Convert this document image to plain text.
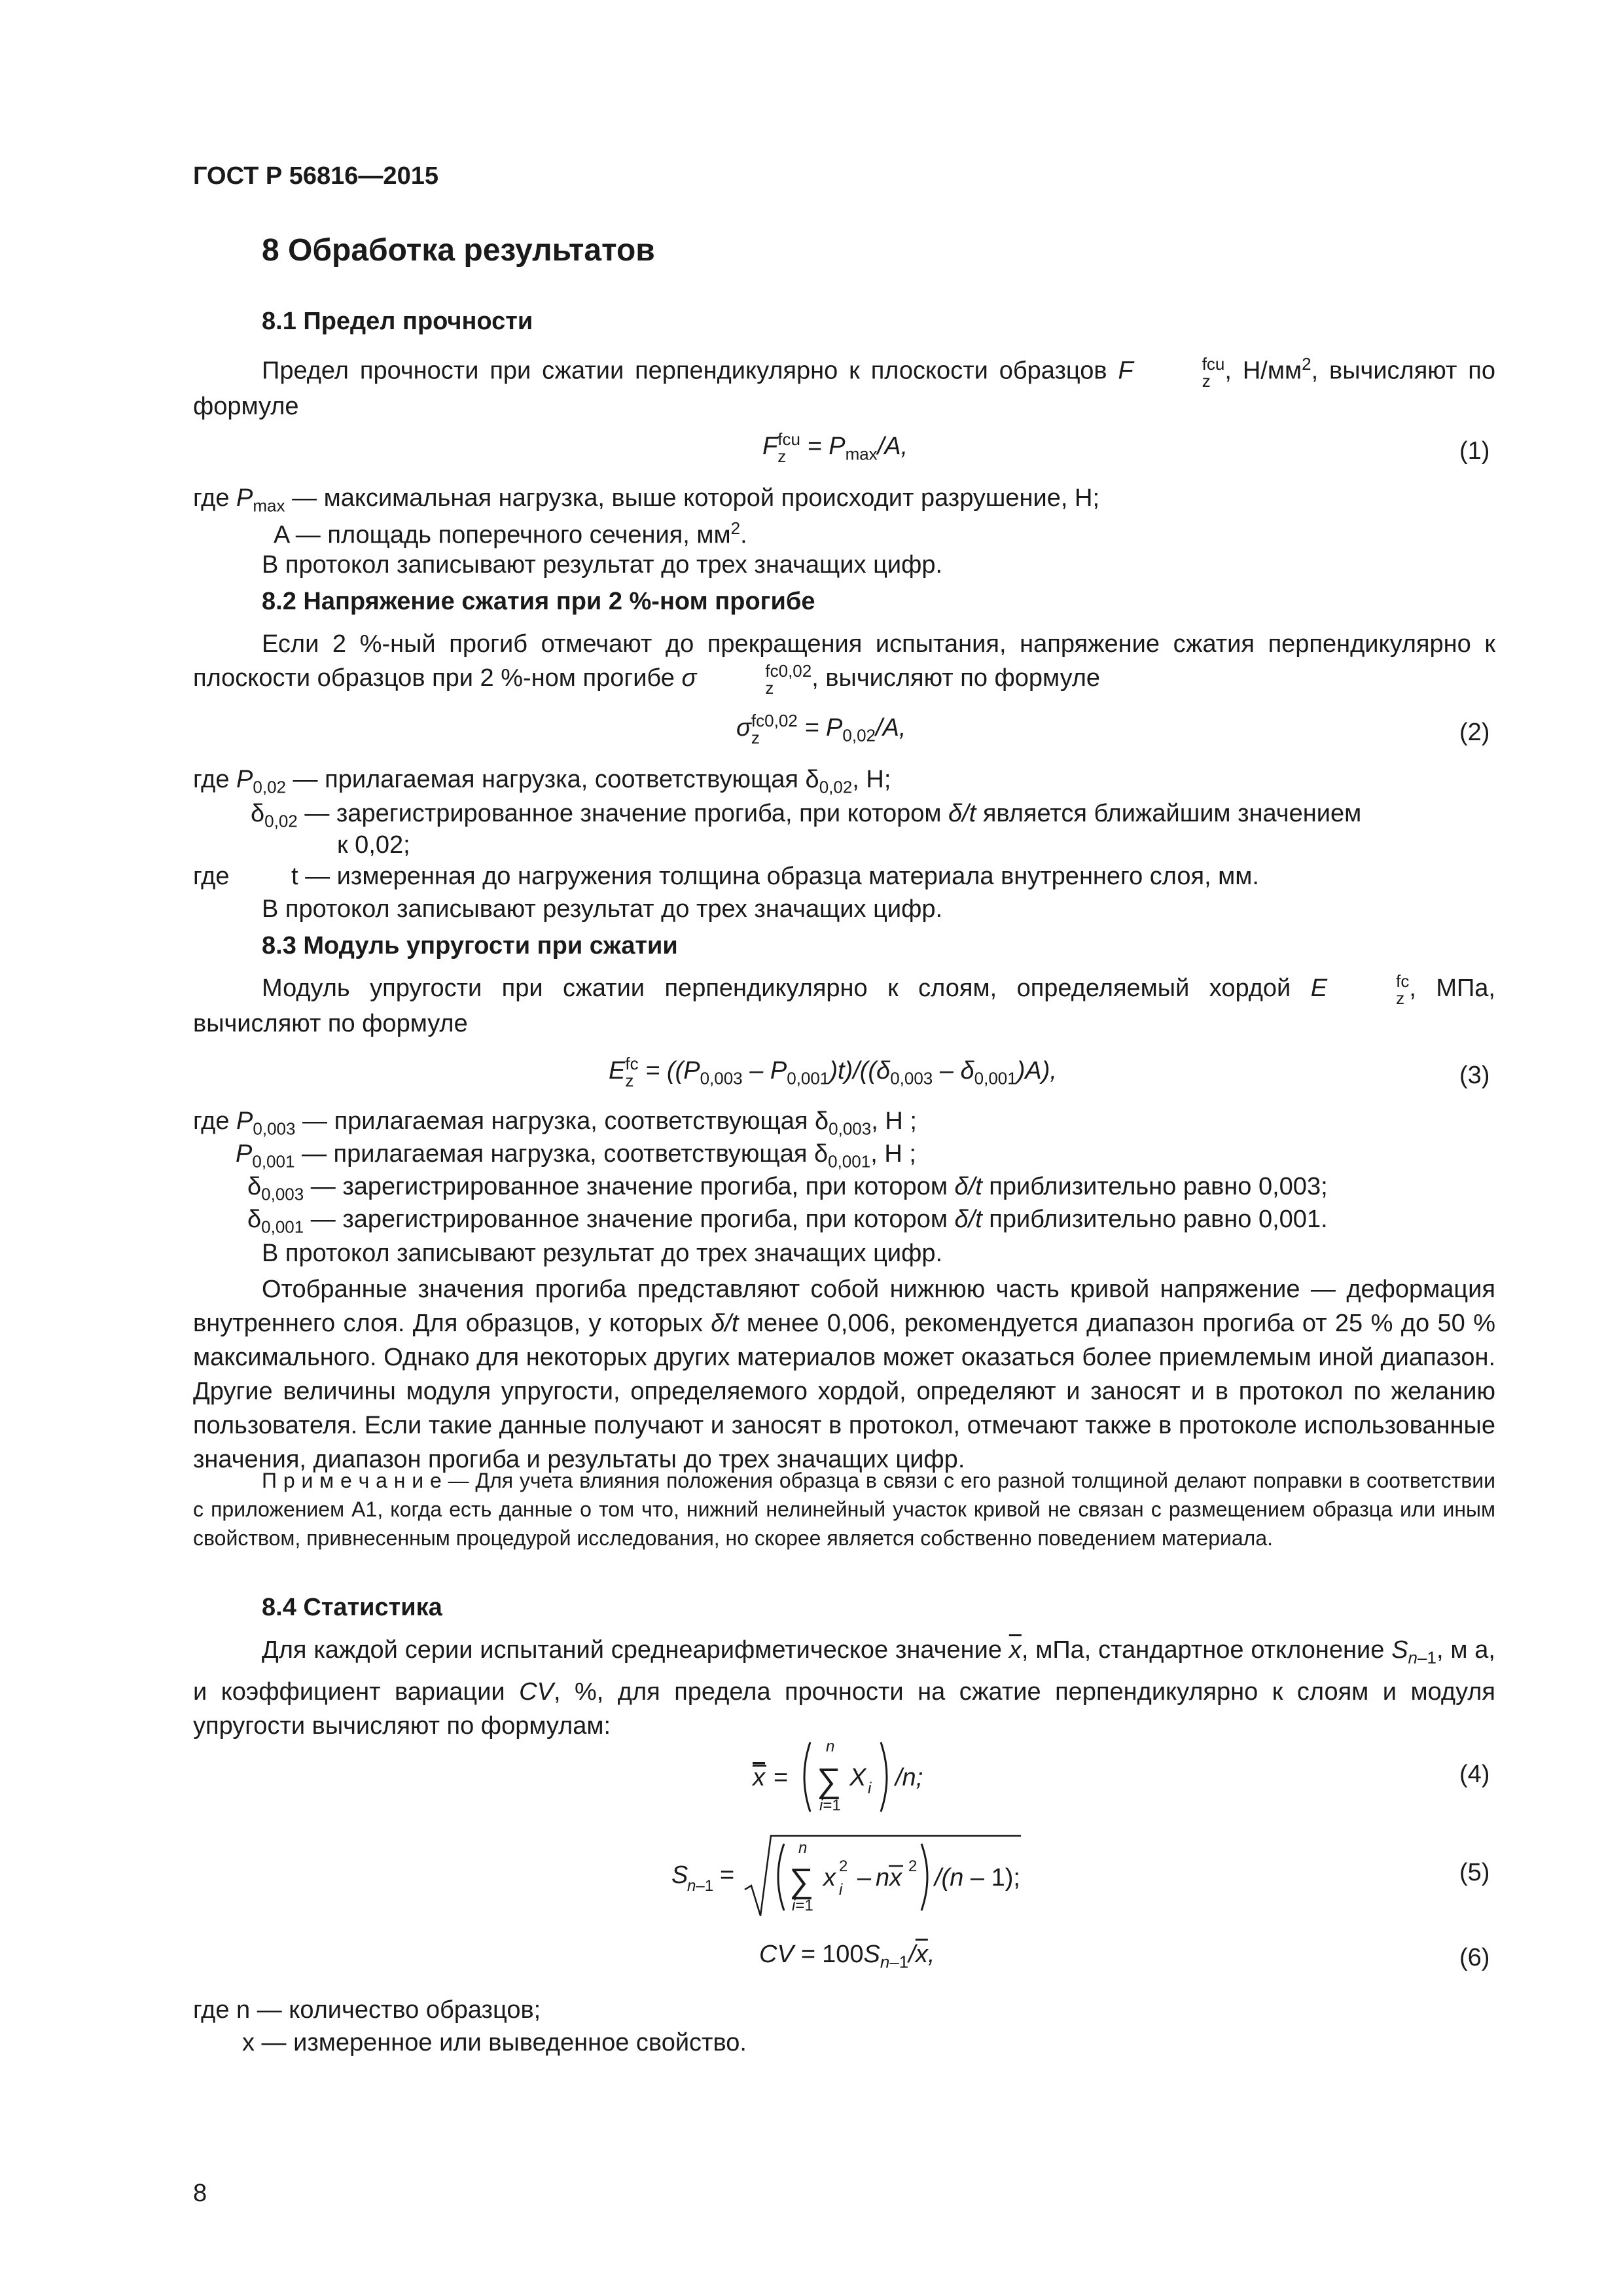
ГОСТ Р 56816—2015
8 Обработка результатов
8.1 Предел прочности
Предел прочности при сжатии перпендикулярно к плоскости образцов F	fcu
z , $Н/мм^2$, вычисляют по формуле
F fcu
$z = P_{max}/A$,	(1)
где $P_{max}$ — максимальная нагрузка, выше которой происходит разрушение, Н;
A — площадь поперечного сечения, $мм^2$.
В протокол записывают результат до трех значащих цифр.
8.2 Напряжение сжатия при 2 %-ном прогибе
Если 2 %-ный прогиб отмечают до прекращения испытания, напряжение сжатия перпендикулярно к плоскости образцов при 2 %-ном прогибе σ	fc0,02
z	, вычисляют по формуле
σ fc0,02
z	= $P_{0,02}/A$,	(2)
где $P_{0,02}$ — прилагаемая нагрузка, соответствующая $\delta_{0,02}$, Н;
$\delta_{0,02}$ — зарегистрированное значение прогиба, при котором δ/t является ближайшим значением
к 0,02;
где t — измеренная до нагружения толщина образца материала внутреннего слоя, мм.
В протокол записывают результат до трех значащих цифр.
8.3 Модуль упругости при сжатии
Модуль упругости при сжатии перпендикулярно к слоям, определяемый хордой E	fc
z , МПа, вычисляют по формуле
E fc
$z = ((P_{0,003} - P_{0,001})t)/((\delta_{0,003} - \delta_{0,001})A)$,	(3)
где $P_{0,003}$ — прилагаемая нагрузка, соответствующая $\delta_{0,003}$, Н ;
$P_{0,001}$ — прилагаемая нагрузка, соответствующая $\delta_{0,001}$, Н ;
$\delta_{0,003}$ — зарегистрированное значение прогиба, при котором δ/t приблизительно равно 0,003;
$\delta_{0,001}$ — зарегистрированное значение прогиба, при котором δ/t приблизительно равно 0,001.
В протокол записывают результат до трех значащих цифр.
Отобранные значения прогиба представляют собой нижнюю часть кривой напряжение — деформация внутреннего слоя. Для образцов, у которых δ/t менее 0,006, рекомендуется диапазон прогиба от 25 % до 50 % максимального. Однако для некоторых других материалов может оказаться более приемлемым иной диапазон. Другие величины модуля упругости, определяемого хордой, определяют и заносят и в протокол по желанию пользователя. Если такие данные получают и заносят в протокол, отмечают также в протоколе использованные значения, диапазон прогиба и результаты до трех значащих цифр.
П р и м е ч а н и е — Для учета влияния положения образца в связи с его разной толщиной делают поправки в соответствии с приложением А1, когда есть данные о том что, нижний нелинейный участок кривой не связан с размещением образца или иным свойством, привнесенным процедурой исследования, но скорее является собственно поведением материала.
8.4 Статистика
Для каждой серии испытаний среднеарифметическое значение $\overline{x}$, мПа, стандартное отклонение $S_{n-1}$, м а, и коэффициент вариации CV, %, для предела прочности на сжатие перпендикулярно к слоям и модуля упругости вычисляют по формулам:
x =
n
∑
i=1
X i /n;	(4)
S
n–1 =
n
∑
i=1
x 2
i – nx 2 /(n – 1);	(5)
CV = $100S_{n-1}/\overline{x}$,	(6)
где n — количество образцов;
x — измеренное или выведенное свойство.
8
